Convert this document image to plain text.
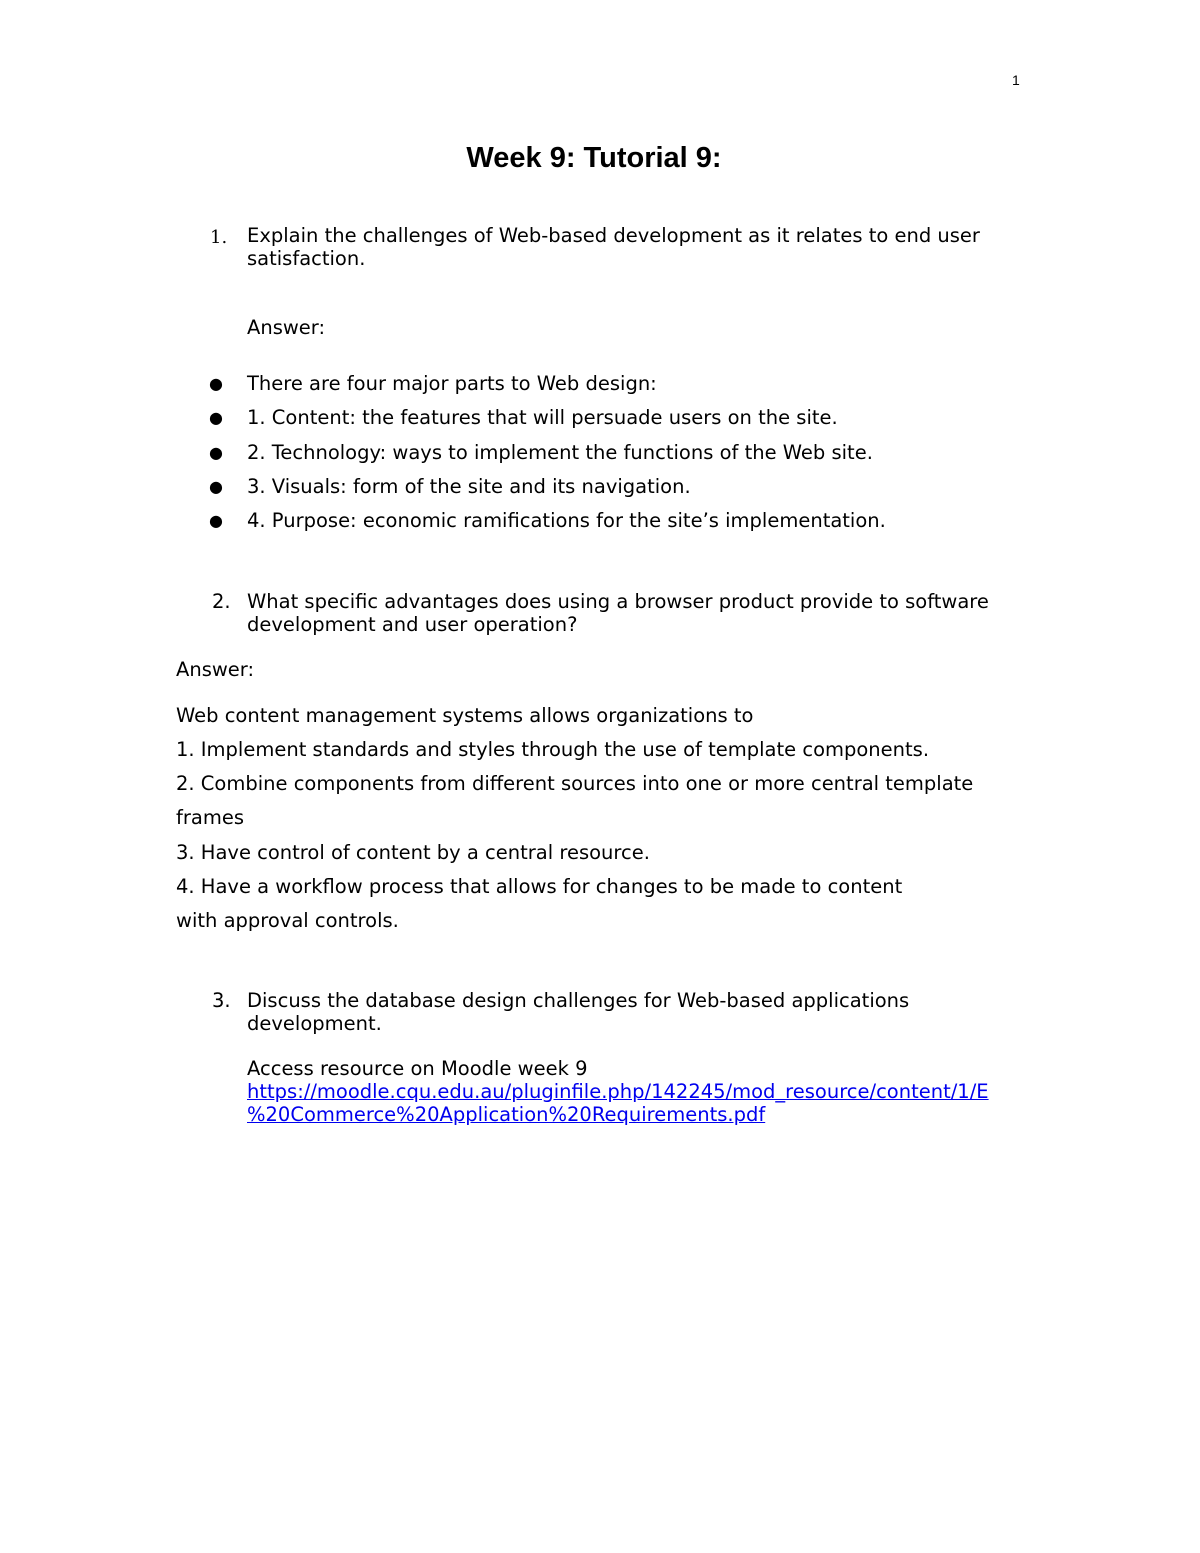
1
Week 9: Tutorial 9:
1. Explain the challenges of Web-based development as it relates to end user
satisfaction.
Answer:
● There are four major parts to Web design:
● 1. Content: the features that will persuade users on the site.
● 2. Technology: ways to implement the functions of the Web site.
● 3. Visuals: form of the site and its navigation.
● 4. Purpose: economic ramifications for the site’s implementation.
2. What specific advantages does using a browser product provide to software
development and user operation?
Answer:
Web content management systems allows organizations to
1. Implement standards and styles through the use of template components.
2. Combine components from different sources into one or more central template
frames
3. Have control of content by a central resource.
4. Have a workflow process that allows for changes to be made to content
with approval controls.
3. Discuss the database design challenges for Web-based applications
development.
Access resource on Moodle week 9
https://moodle.cqu.edu.au/pluginfile.php/142245/mod_resource/content/1/E
%20Commerce%20Application%20Requirements.pdf
